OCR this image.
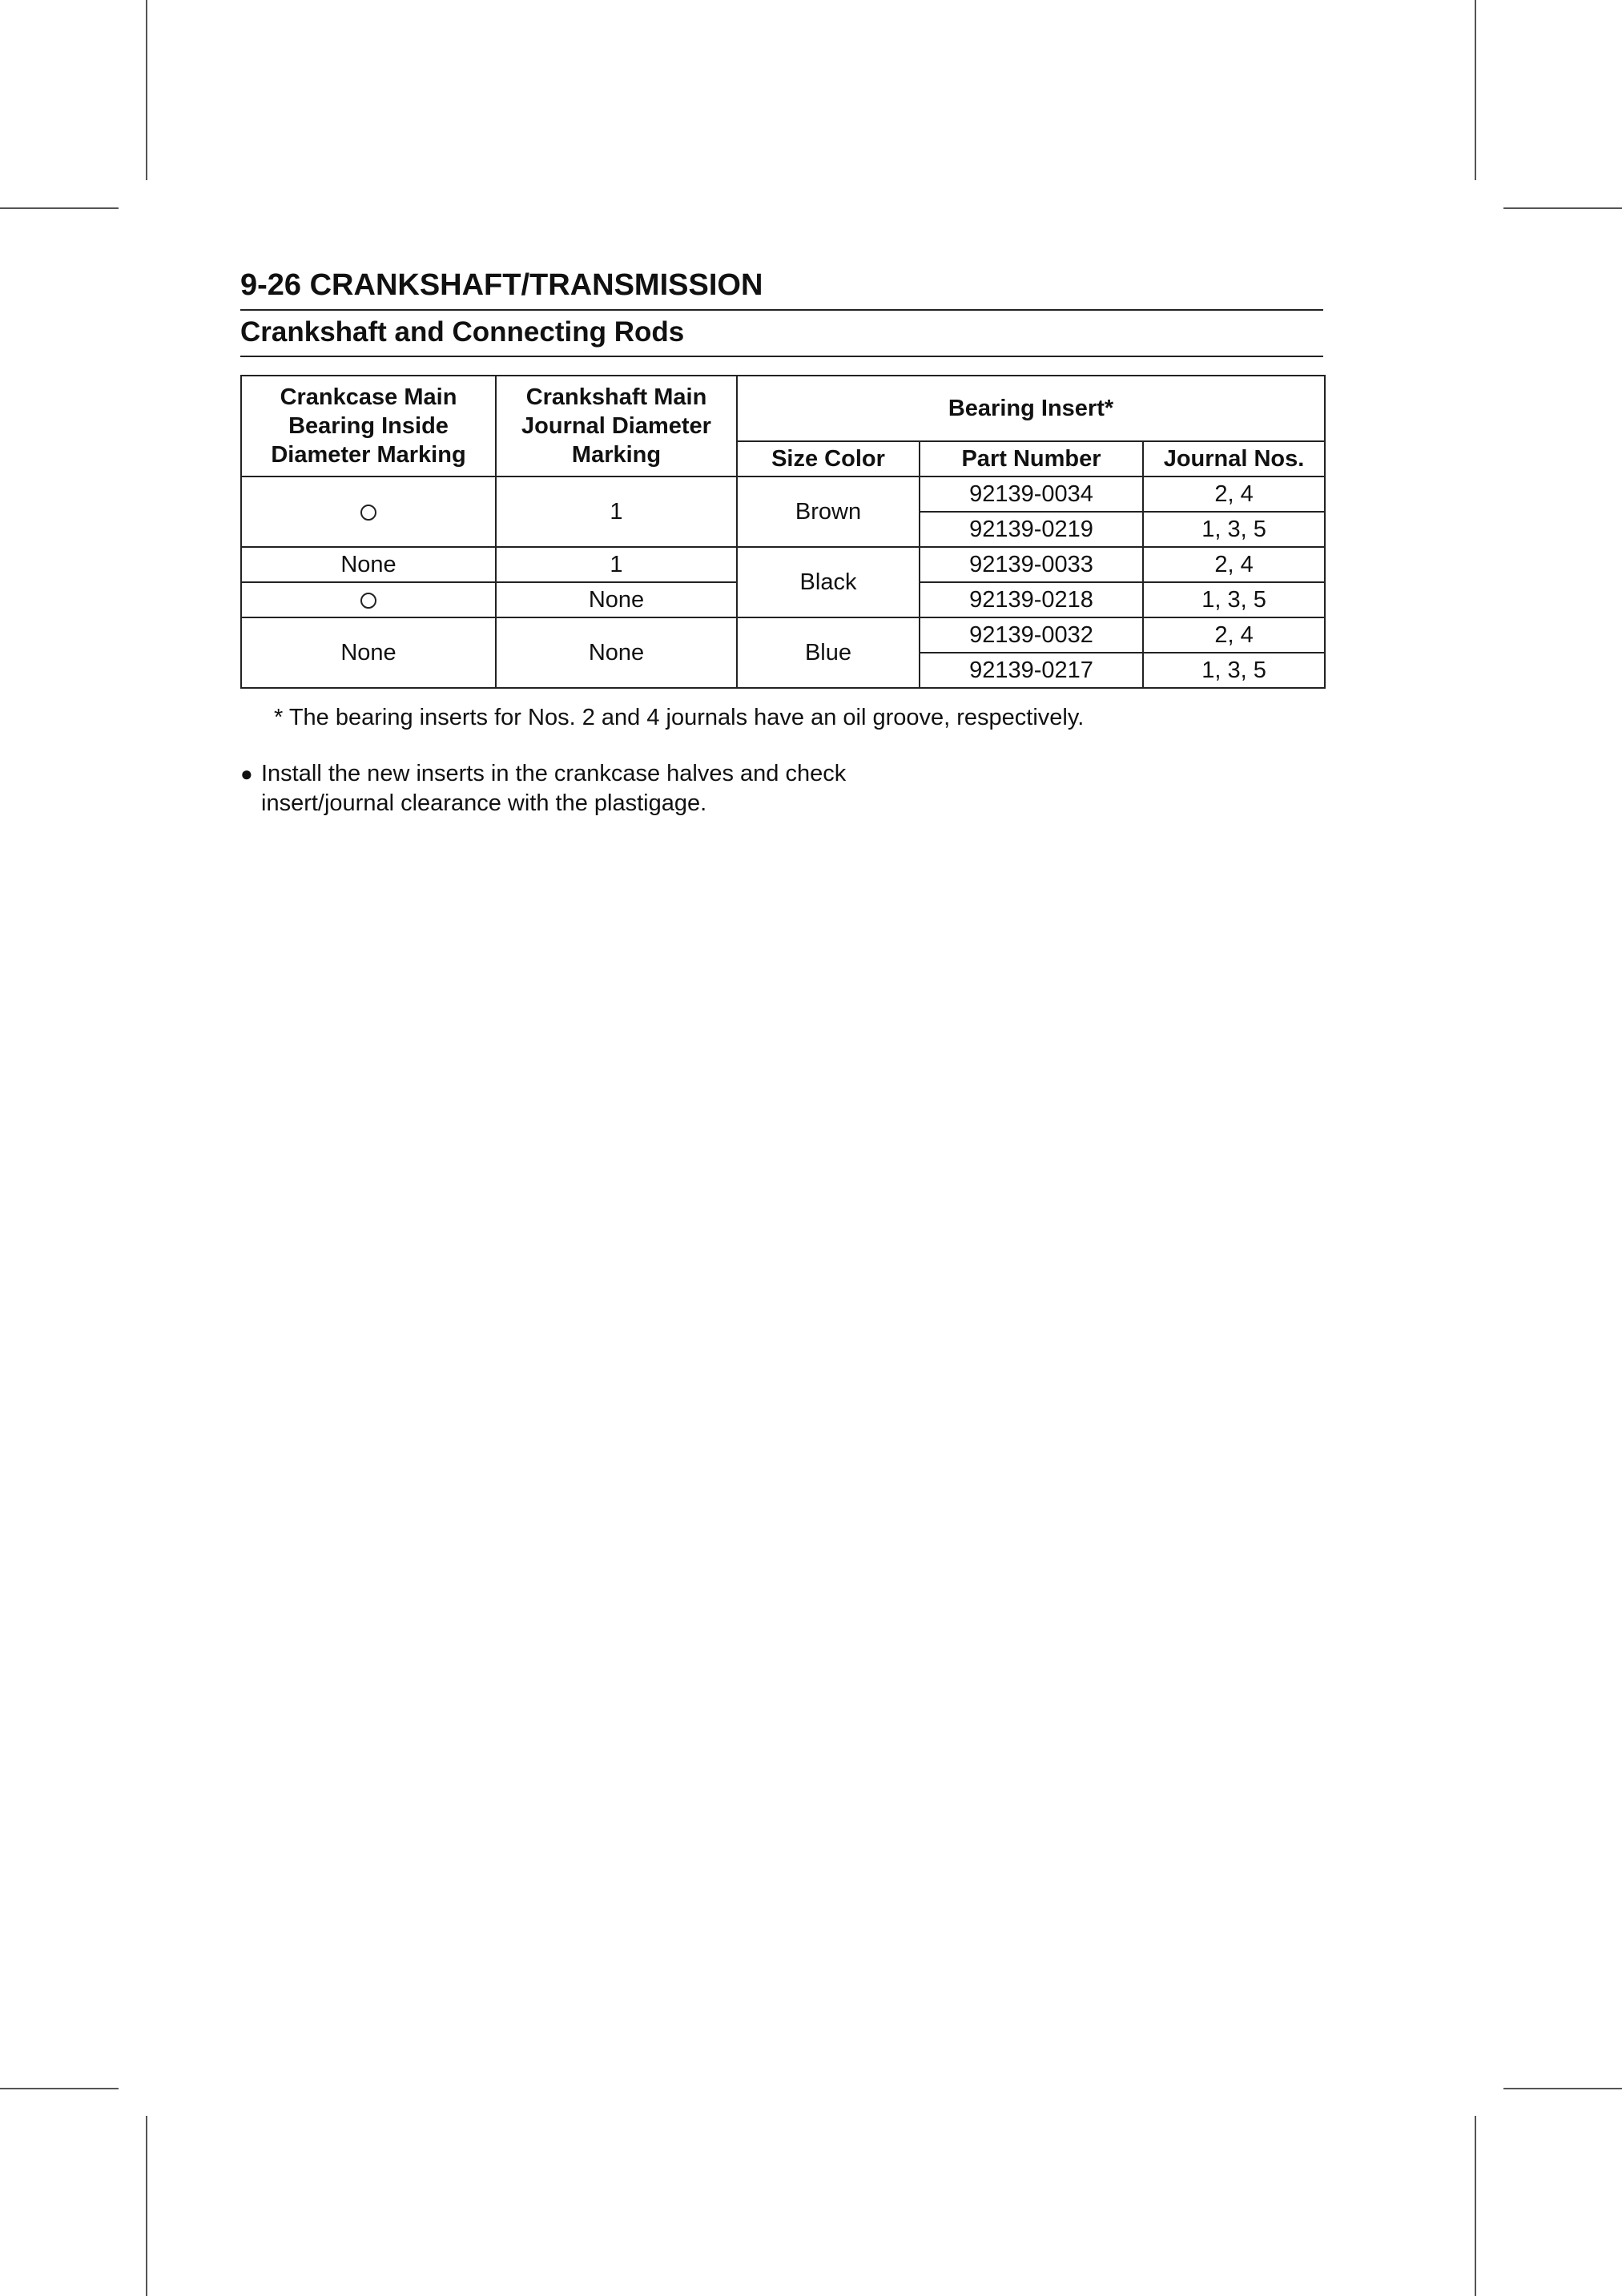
9-26 CRANKSHAFT/TRANSMISSION
Crankshaft and Connecting Rods
Crankcase Main Bearing Inside Diameter Marking	Crankshaft Main Journal Diameter Marking	Bearing Insert*		
		Size Color	Part Number	Journal Nos.
	1	Brown	92139-0034	2, 4
			92139-0219	1, 3, 5
None	1	Black	92139-0033	2, 4
	None		92139-0218	1, 3, 5
None	None	Blue	92139-0032	2, 4
			92139-0217	1, 3, 5
* The bearing inserts for Nos. 2 and 4 journals have an oil groove, respectively.
● Install the new inserts in the crankcase halves and check insert/journal clearance with the plastigage.
